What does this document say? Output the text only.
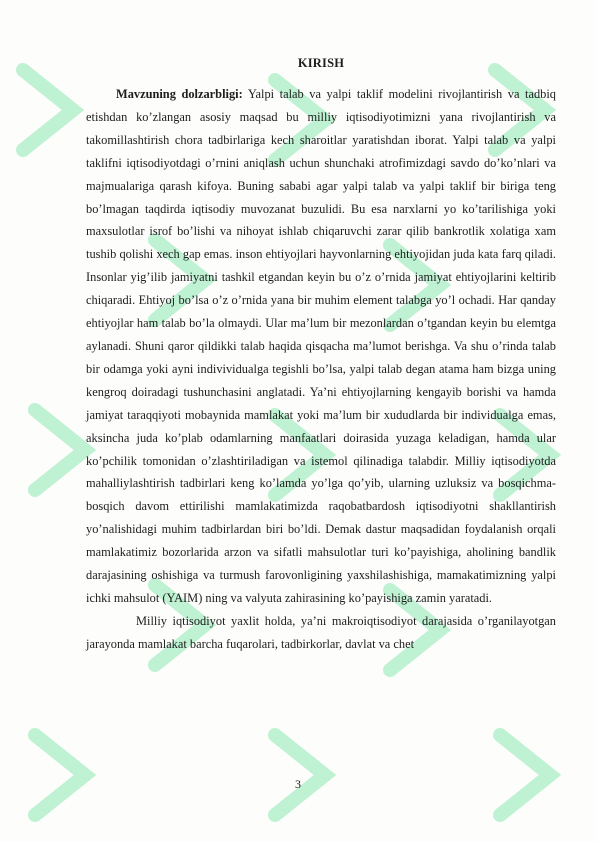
KIRISH

Mavzuning dolzarbligi: Yalpi talab va yalpi taklif modelini rivojlantirish va tadbiq etishdan ko’zlangan asosiy maqsad bu milliy iqtisodiyotimizni yana rivojlantirish va takomillashtirish chora tadbirlariga kech sharoitlar yaratishdan iborat. Yalpi talab va yalpi taklifni iqtisodiyotdagi o’rnini aniqlash uchun shunchaki atrofimizdagi savdo do’ko’nlari va majmualariga qarash kifoya. Buning sababi agar yalpi talab va yalpi taklif bir biriga teng bo’lmagan taqdirda iqtisodiy muvozanat buzulidi. Bu esa narxlarni yo ko’tarilishiga yoki maxsulotlar isrof bo’lishi va nihoyat ishlab chiqaruvchi zarar qilib bankrotlik xolatiga xam tushib qolishi xech gap emas. inson ehtiyojlari hayvonlarning ehtiyojidan juda kata farq qiladi. Insonlar yig’ilib jamiyatni tashkil etgandan keyin bu o’z o’rnida jamiyat ehtiyojlarini keltirib chiqaradi. Ehtiyoj bo’lsa o’z o’rnida yana bir muhim element talabga yo’l ochadi. Har qanday ehtiyojlar ham talab bo’la olmaydi. Ular ma’lum bir mezonlardan o’tgandan keyin bu elemtga aylanadi. Shuni qaror qildikki talab haqida qisqacha ma’lumot berishga. Va shu o’rinda talab bir odamga yoki ayni indivividualga tegishli bo’lsa, yalpi talab degan atama ham bizga uning kengroq doiradagi tushunchasini anglatadi. Ya’ni ehtiyojlarning kengayib borishi va hamda jamiyat taraqqiyoti mobaynida mamlakat yoki ma’lum bir xududlarda bir individualga emas, aksincha juda ko’plab odamlarning manfaatlari doirasida yuzaga keladigan, hamda ular ko’pchilik tomonidan o’zlashtiriladigan va istemol qilinadiga talabdir. Milliy iqtisodiyotda mahalliylashtirish tadbirlari keng ko’lamda yo’lga qo’yib, ularning uzluksiz va bosqichma-bosqich davom ettirilishi mamlakatimizda raqobatbardosh iqtisodiyotni shakllantirish yo’nalishidagi muhim tadbirlardan biri bo’ldi. Demak dastur maqsadidan foydalanish orqali mamlakatimiz bozorlarida arzon va sifatli mahsulotlar turi ko’payishiga, aholining bandlik darajasining oshishiga va turmush farovonligining yaxshilashishiga, mamakatimizning yalpi ichki mahsulot (YAIM) ning va valyuta zahirasining ko’payishiga zamin yaratadi.

Milliy iqtisodiyot yaxlit holda, ya’ni makroiqtisodiyot darajasida o’rganilayotgan jarayonda mamlakat barcha fuqarolari, tadbirkorlar, davlat va chet

3
